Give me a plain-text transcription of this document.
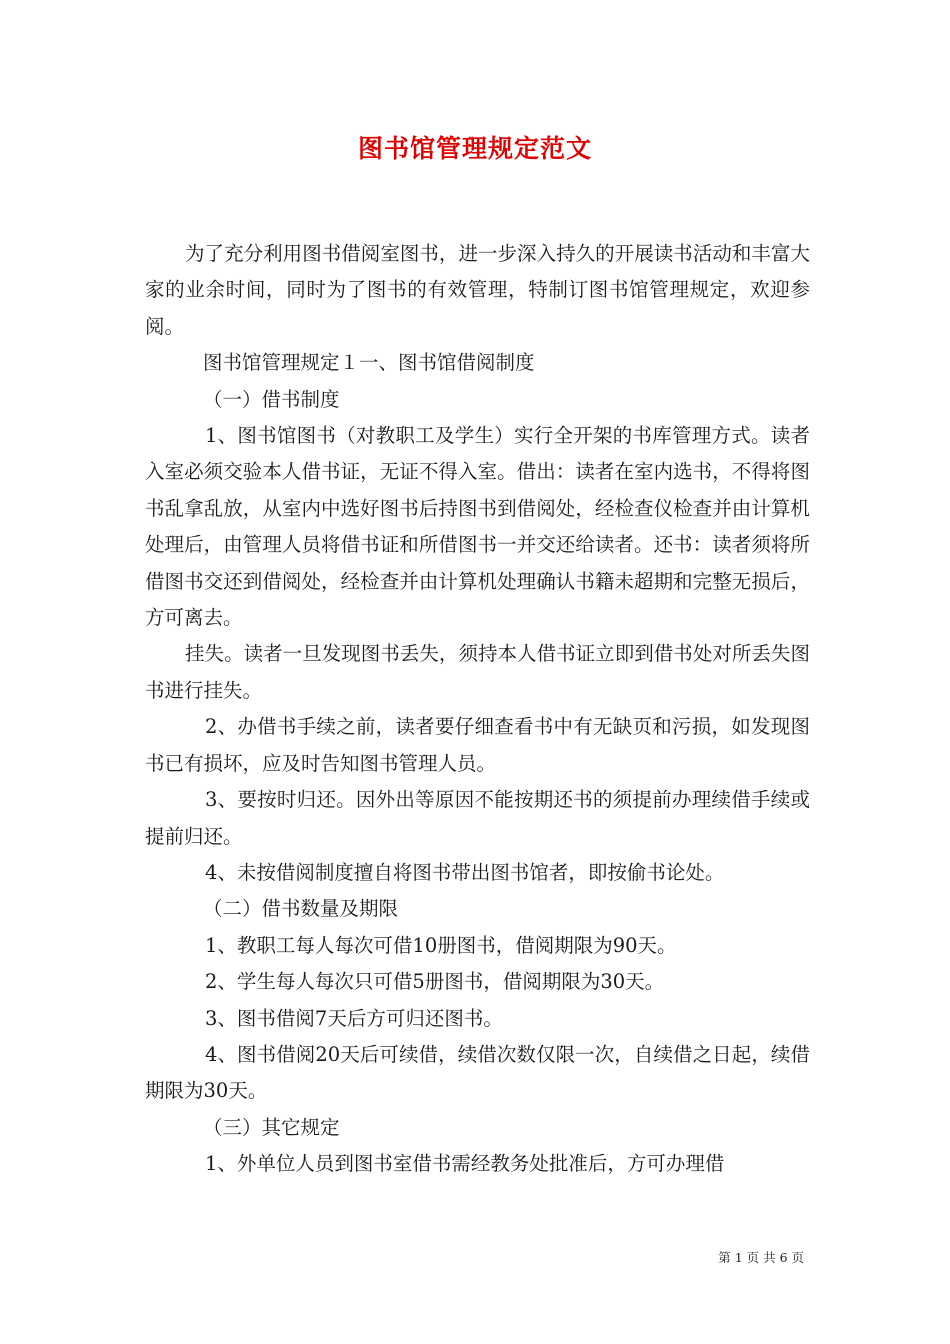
图书馆管理规定范文

为了充分利用图书借阅室图书，进一步深入持久的开展读书活动和丰富大家的业余时间，同时为了图书的有效管理，特制订图书馆管理规定，欢迎参阅。

图书馆管理规定１一、图书馆借阅制度

（一）借书制度

1、图书馆图书（对教职工及学生）实行全开架的书库管理方式。读者入室必须交验本人借书证，无证不得入室。借出：读者在室内选书，不得将图书乱拿乱放，从室内中选好图书后持图书到借阅处，经检查仪检查并由计算机处理后，由管理人员将借书证和所借图书一并交还给读者。还书：读者须将所借图书交还到借阅处，经检查并由计算机处理确认书籍未超期和完整无损后，方可离去。

挂失。读者一旦发现图书丢失，须持本人借书证立即到借书处对所丢失图书进行挂失。

2、办借书手续之前，读者要仔细查看书中有无缺页和污损，如发现图书已有损坏，应及时告知图书管理人员。

3、要按时归还。因外出等原因不能按期还书的须提前办理续借手续或提前归还。

4、未按借阅制度擅自将图书带出图书馆者，即按偷书论处。

（二）借书数量及期限

1、教职工每人每次可借10册图书，借阅期限为90天。

2、学生每人每次只可借5册图书，借阅期限为30天。

3、图书借阅7天后方可归还图书。

4、图书借阅20天后可续借，续借次数仅限一次，自续借之日起，续借期限为30天。

（三）其它规定

1、外单位人员到图书室借书需经教务处批准后，方可办理借

第 1 页 共 6 页
